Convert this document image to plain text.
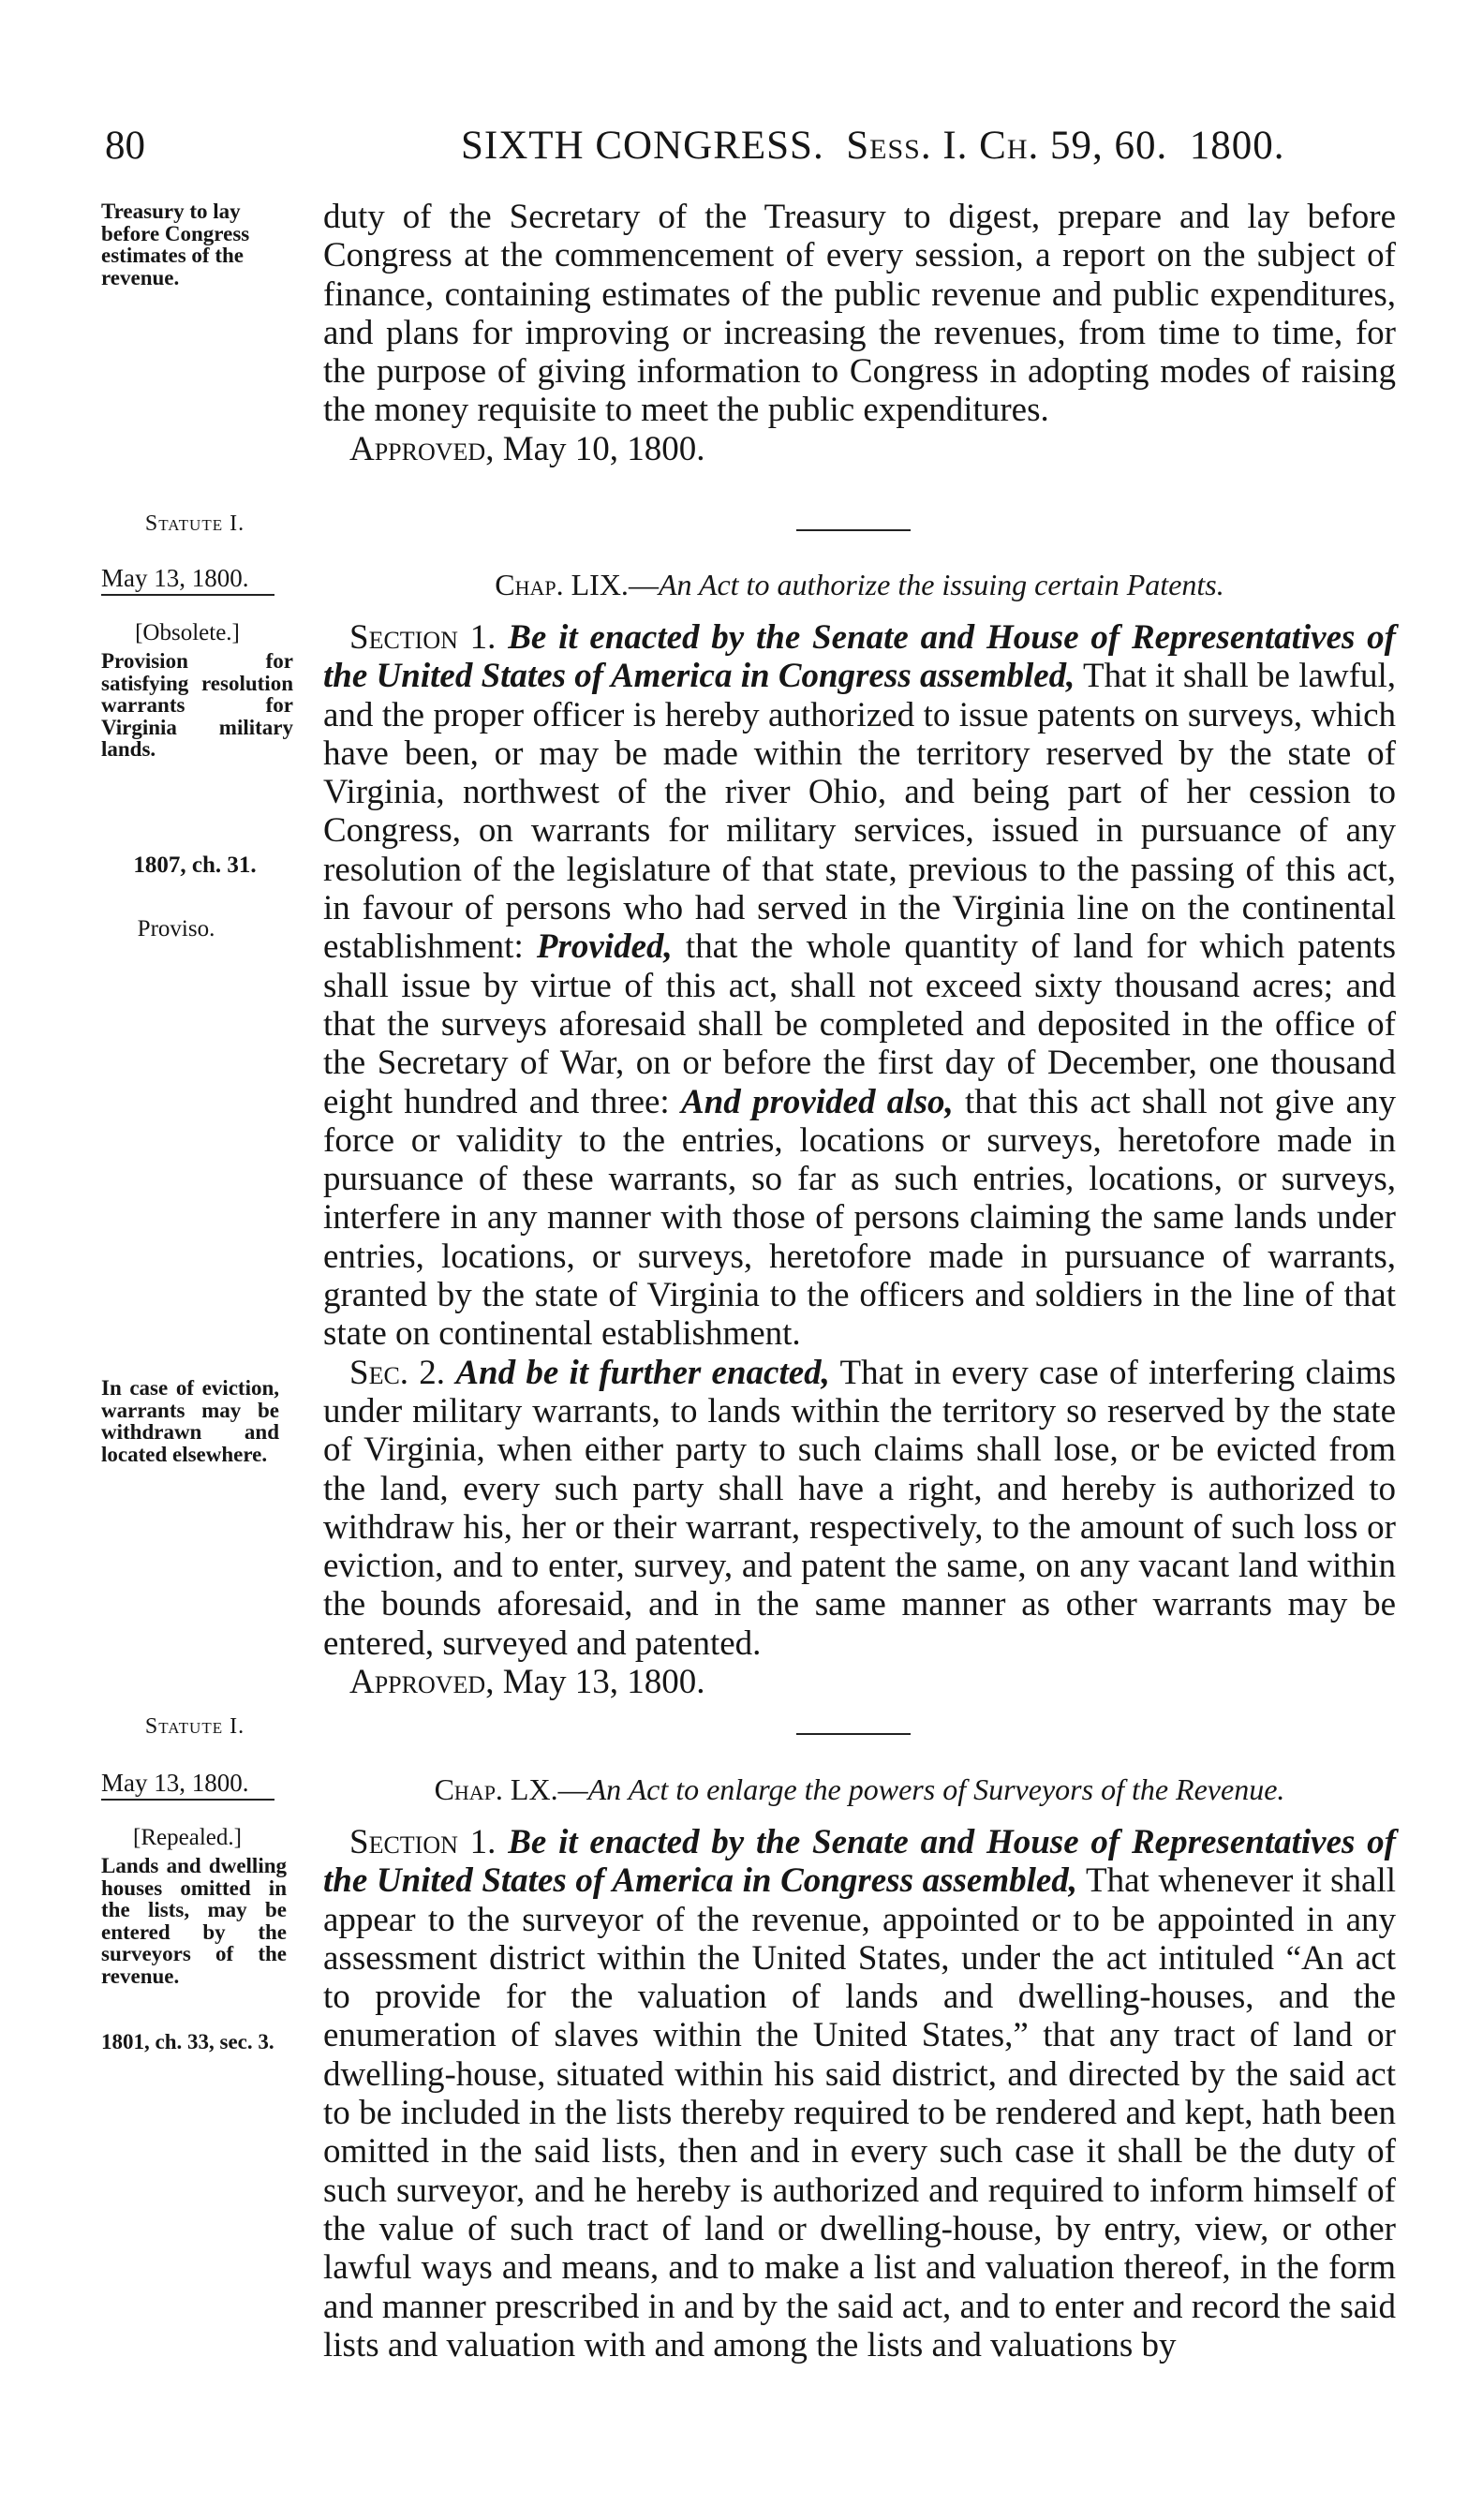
80	SIXTH CONGRESS. Sess. I. Ch. 59, 60. 1800.
Treasury to lay before Congress estimates of the revenue.

duty of the Secretary of the Treasury to digest, prepare and lay before Congress at the commencement of every session, a report on the subject of finance, containing estimates of the public revenue and public expenditures, and plans for improving or increasing the revenues, from time to time, for the purpose of giving information to Congress in adopting modes of raising the money requisite to meet the public expenditures.

Approved, May 10, 1800.

Statute I.
May 13, 1800.
[Obsolete.]
Provision for satisfying resolution warrants for Virginia military lands.
1807, ch. 31.
Proviso.
In case of eviction, warrants may be withdrawn and located elsewhere.
Chap. LIX.—An Act to authorize the issuing certain Patents.

Section 1. Be it enacted by the Senate and House of Representatives of the United States of America in Congress assembled, That it shall be lawful, and the proper officer is hereby authorized to issue patents on surveys, which have been, or may be made within the territory reserved by the state of Virginia, northwest of the river Ohio, and being part of her cession to Congress, on warrants for military services, issued in pursuance of any resolution of the legislature of that state, previous to the passing of this act, in favour of persons who had served in the Virginia line on the continental establishment: Provided, that the whole quantity of land for which patents shall issue by virtue of this act, shall not exceed sixty thousand acres; and that the surveys aforesaid shall be completed and deposited in the office of the Secretary of War, on or before the first day of December, one thousand eight hundred and three: And provided also, that this act shall not give any force or validity to the entries, locations or surveys, heretofore made in pursuance of these warrants, so far as such entries, locations, or surveys, interfere in any manner with those of persons claiming the same lands under entries, locations, or surveys, heretofore made in pursuance of warrants, granted by the state of Virginia to the officers and soldiers in the line of that state on continental establishment.

Sec. 2. And be it further enacted, That in every case of interfering claims under military warrants, to lands within the territory so reserved by the state of Virginia, when either party to such claims shall lose, or be evicted from the land, every such party shall have a right, and hereby is authorized to withdraw his, her or their warrant, respectively, to the amount of such loss or eviction, and to enter, survey, and patent the same, on any vacant land within the bounds aforesaid, and in the same manner as other warrants may be entered, surveyed and patented.

Approved, May 13, 1800.

Statute I.
May 13, 1800.
[Repealed.]
Lands and dwelling houses omitted in the lists, may be entered by the surveyors of the revenue.
1801, ch. 33, sec. 3.
Chap. LX.—An Act to enlarge the powers of Surveyors of the Revenue.

Section 1. Be it enacted by the Senate and House of Representatives of the United States of America in Congress assembled, That whenever it shall appear to the surveyor of the revenue, appointed or to be appointed in any assessment district within the United States, under the act intituled “An act to provide for the valuation of lands and dwelling-houses, and the enumeration of slaves within the United States,” that any tract of land or dwelling-house, situated within his said district, and directed by the said act to be included in the lists thereby required to be rendered and kept, hath been omitted in the said lists, then and in every such case it shall be the duty of such surveyor, and he hereby is authorized and required to inform himself of the value of such tract of land or dwelling-house, by entry, view, or other lawful ways and means, and to make a list and valuation thereof, in the form and manner prescribed in and by the said act, and to enter and record the said lists and valuation with and among the lists and valuations by
